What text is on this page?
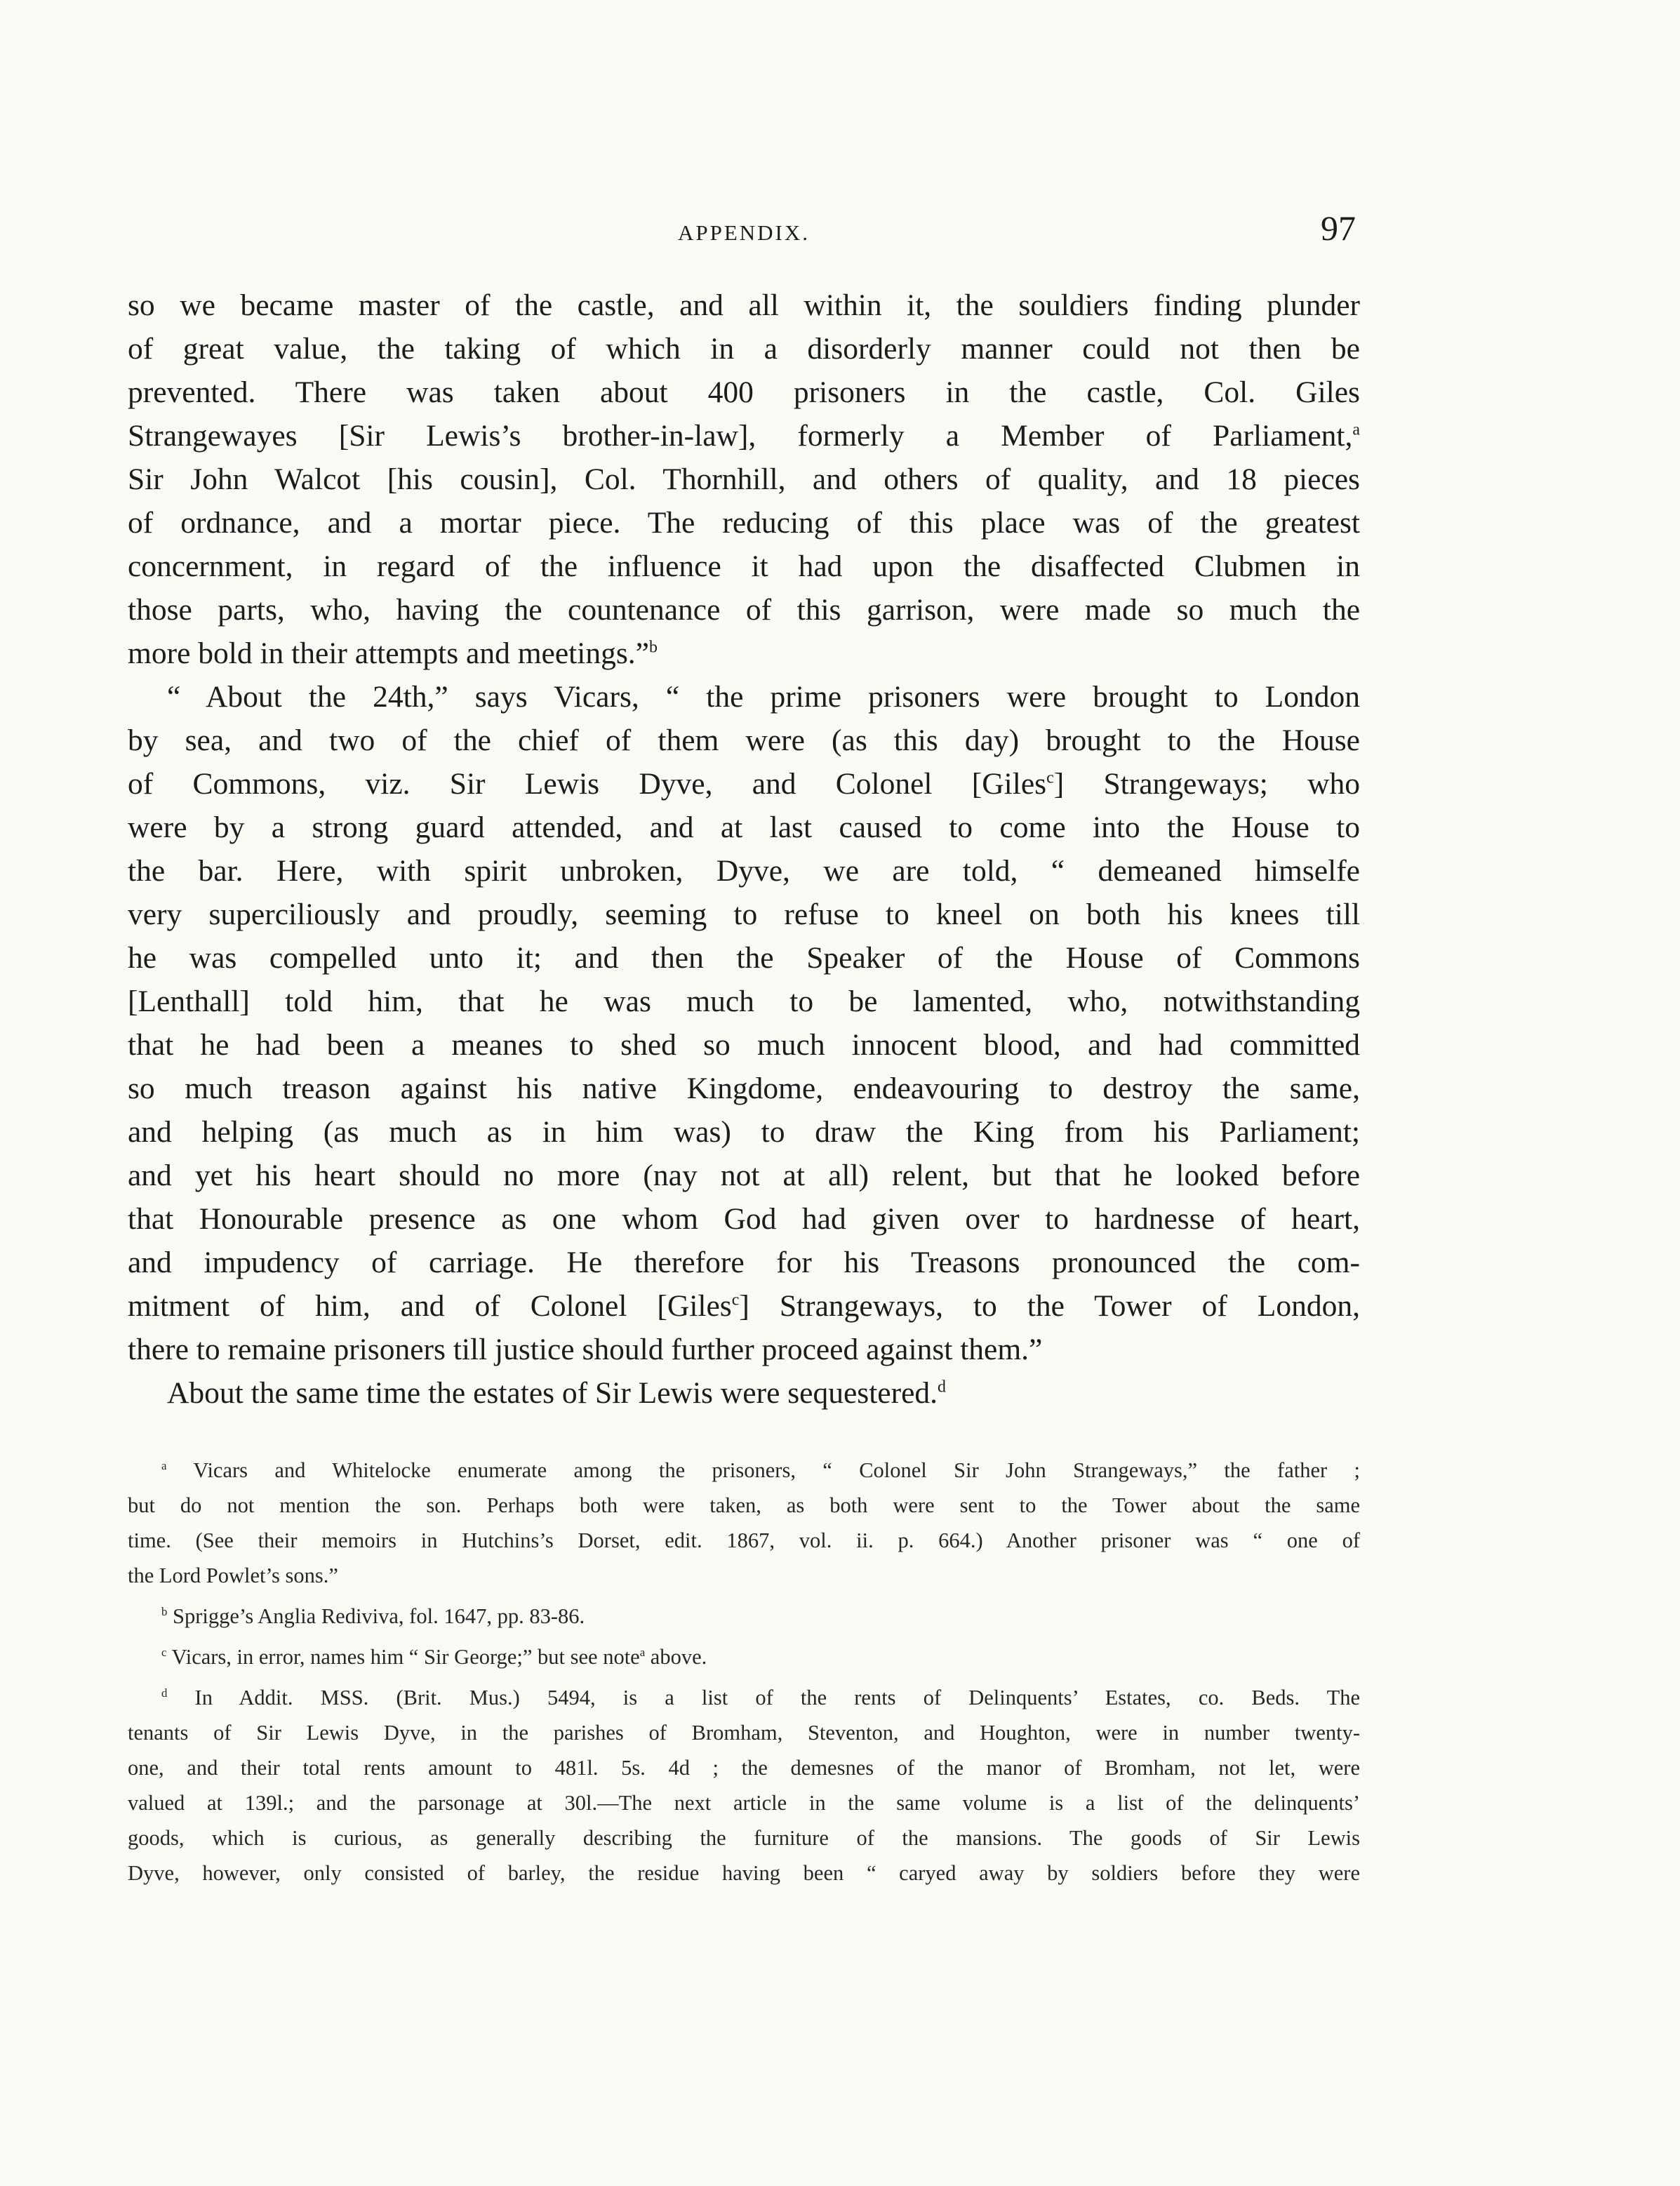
APPENDIX.	97
so we became master of the castle, and all within it, the souldiers finding plunder
of great value, the taking of which in a disorderly manner could not then be
prevented. There was taken about 400 prisoners in the castle, Col. Giles
Strangewayes [Sir Lewis’s brother-in-law], formerly a Member of Parliament,$^a$
Sir John Walcot [his cousin], Col. Thornhill, and others of quality, and 18 pieces
of ordnance, and a mortar piece. The reducing of this place was of the greatest
concernment, in regard of the influence it had upon the disaffected Clubmen in
those parts, who, having the countenance of this garrison, were made so much the
more bold in their attempts and meetings.”$^b$
“ About the 24th,” says Vicars, “ the prime prisoners were brought to London
by sea, and two of the chief of them were (as this day) brought to the House
of Commons, viz. Sir Lewis Dyve, and Colonel [Giles$^c$] Strangeways; who
were by a strong guard attended, and at last caused to come into the House to
the bar. Here, with spirit unbroken, Dyve, we are told, “ demeaned himselfe
very superciliously and proudly, seeming to refuse to kneel on both his knees till
he was compelled unto it; and then the Speaker of the House of Commons
[Lenthall] told him, that he was much to be lamented, who, notwithstanding
that he had been a meanes to shed so much innocent blood, and had committed
so much treason against his native Kingdome, endeavouring to destroy the same,
and helping (as much as in him was) to draw the King from his Parliament;
and yet his heart should no more (nay not at all) relent, but that he looked before
that Honourable presence as one whom God had given over to hardnesse of heart,
and impudency of carriage. He therefore for his Treasons pronounced the com-
mitment of him, and of Colonel [Giles$^c$] Strangeways, to the Tower of London,
there to remaine prisoners till justice should further proceed against them.”
About the same time the estates of Sir Lewis were sequestered.$^d$
$^a$ Vicars and Whitelocke enumerate among the prisoners, “ Colonel Sir John Strangeways,” the father ;
but do not mention the son. Perhaps both were taken, as both were sent to the Tower about the same
time. (See their memoirs in Hutchins’s Dorset, edit. 1867, vol. ii. p. 664.) Another prisoner was “ one of
the Lord Powlet’s sons.”
$^b$ Sprigge’s Anglia Rediviva, fol. 1647, pp. 83-86.
$^c$ Vicars, in error, names him “ Sir George;” but see note$^a$ above.
$^d$ In Addit. MSS. (Brit. Mus.) 5494, is a list of the rents of Delinquents’ Estates, co. Beds. The
tenants of Sir Lewis Dyve, in the parishes of Bromham, Steventon, and Houghton, were in number twenty-
one, and their total rents amount to 481l. 5s. 4d ; the demesnes of the manor of Bromham, not let, were
valued at 139l.; and the parsonage at 30l.—The next article in the same volume is a list of the delinquents’
goods, which is curious, as generally describing the furniture of the mansions. The goods of Sir Lewis
Dyve, however, only consisted of barley, the residue having been “ caryed away by soldiers before they were
